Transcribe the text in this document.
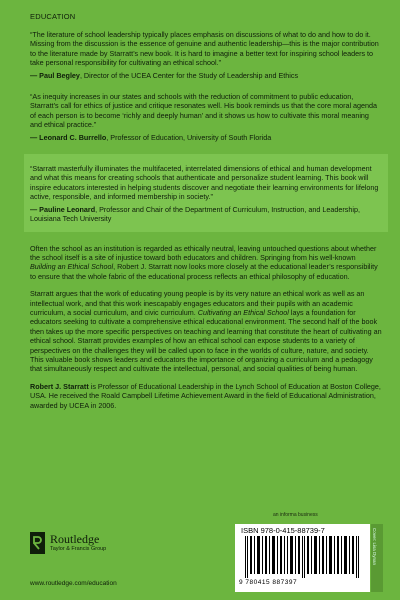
EDUCATION

“The literature of school leadership typically places emphasis on discussions of what to do and how to do it. Missing from the discussion is the essence of genuine and authentic leadership—this is the major contribution to the literature made by Starratt’s new book. It is hard to imagine a better text for inspiring school leaders to take personal responsibility for cultivating an ethical school.”

— Paul Begley, Director of the UCEA Center for the Study of Leadership and Ethics

“As inequity increases in our states and schools with the reduction of commitment to public education, Starratt’s call for ethics of justice and critique resonates well. His book reminds us that the core moral agenda of each person is to become ‘richly and deeply human’ and it shows us how to cultivate this moral meaning and ethical practice.”

— Leonard C. Burrello, Professor of Education, University of South Florida

“Starratt masterfully illuminates the multifaceted, interrelated dimensions of ethical and human development and what this means for creating schools that authenticate and personalize student learning. This book will inspire educators interested in helping students discover and negotiate their learning environments for lifelong active, responsible, and informed membership in society.”

— Pauline Leonard, Professor and Chair of the Department of Curriculum, Instruction, and Leadership, Louisiana Tech University

Often the school as an institution is regarded as ethically neutral, leaving untouched questions about whether the school itself is a site of injustice toward both educators and children. Springing from his well-known Building an Ethical School, Robert J. Starratt now looks more closely at the educational leader’s responsibility to ensure that the whole fabric of the educational process reflects an ethical philosophy of education.

Starratt argues that the work of educating young people is by its very nature an ethical work as well as an intellectual work, and that this work inescapably engages educators and their pupils with an academic curriculum, a social curriculum, and civic curriculum. Cultivating an Ethical School lays a foundation for educators seeking to cultivate a comprehensive ethical educational environment. The second half of the book then takes up the more specific perspectives on teaching and learning that constitute the heart of cultivating an ethical school. Starratt provides examples of how an ethical school can expose students to a variety of perspectives on the challenges they will be called upon to face in the worlds of culture, nature, and society. This valuable book shows leaders and educators the importance of organizing a curriculum and a pedagogy that simultaneously respect and cultivate the intellectual, personal, and social qualities of being human.

Robert J. Starratt is Professor of Educational Leadership in the Lynch School of Education at Boston College, USA. He received the Roald Campbell Lifetime Achievement Award in the field of Educational Administration, awarded by UCEA in 2006.

Routledge
Taylor & Francis Group
www.routledge.com/education
an informa business
ISBN 978-0-415-88739-7
9 780415 887397
Cover: Lisa Dynan
